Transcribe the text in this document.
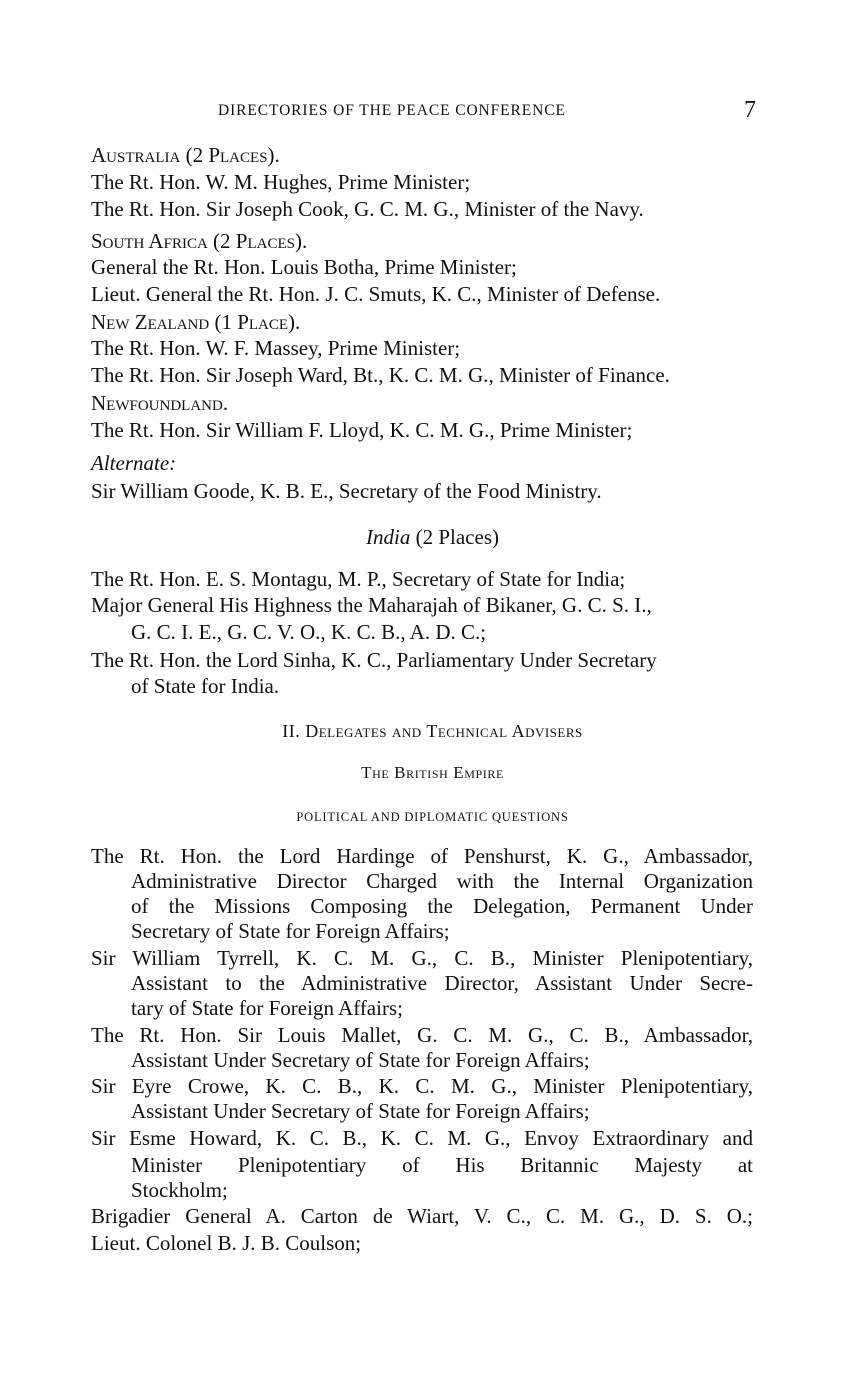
DIRECTORIES OF THE PEACE CONFERENCE	7
Australia (2 Places).
The Rt. Hon. W. M. Hughes, Prime Minister;
The Rt. Hon. Sir Joseph Cook, G. C. M. G., Minister of the Navy.
South Africa (2 Places).
General the Rt. Hon. Louis Botha, Prime Minister;
Lieut. General the Rt. Hon. J. C. Smuts, K. C., Minister of Defense.
New Zealand (1 Place).
The Rt. Hon. W. F. Massey, Prime Minister;
The Rt. Hon. Sir Joseph Ward, Bt., K. C. M. G., Minister of Finance.
Newfoundland.
The Rt. Hon. Sir William F. Lloyd, K. C. M. G., Prime Minister;
Alternate:
Sir William Goode, K. B. E., Secretary of the Food Ministry.
India (2 Places)
The Rt. Hon. E. S. Montagu, M. P., Secretary of State for India;
Major General His Highness the Maharajah of Bikaner, G. C. S. I.,
G. C. I. E., G. C. V. O., K. C. B., A. D. C.;
The Rt. Hon. the Lord Sinha, K. C., Parliamentary Under Secretary
of State for India.
II. Delegates and Technical Advisers
The British Empire
POLITICAL AND DIPLOMATIC QUESTIONS
The Rt. Hon. the Lord Hardinge of Penshurst, K. G., Ambassador,
Administrative Director Charged with the Internal Organization
of the Missions Composing the Delegation, Permanent Under
Secretary of State for Foreign Affairs;
Sir William Tyrrell, K. C. M. G., C. B., Minister Plenipotentiary,
Assistant to the Administrative Director, Assistant Under Secre-
tary of State for Foreign Affairs;
The Rt. Hon. Sir Louis Mallet, G. C. M. G., C. B., Ambassador,
Assistant Under Secretary of State for Foreign Affairs;
Sir Eyre Crowe, K. C. B., K. C. M. G., Minister Plenipotentiary,
Assistant Under Secretary of State for Foreign Affairs;
Sir Esme Howard, K. C. B., K. C. M. G., Envoy Extraordinary and
Minister Plenipotentiary of His Britannic Majesty at
Stockholm;
Brigadier General A. Carton de Wiart, V. C., C. M. G., D. S. O.;
Lieut. Colonel B. J. B. Coulson;
